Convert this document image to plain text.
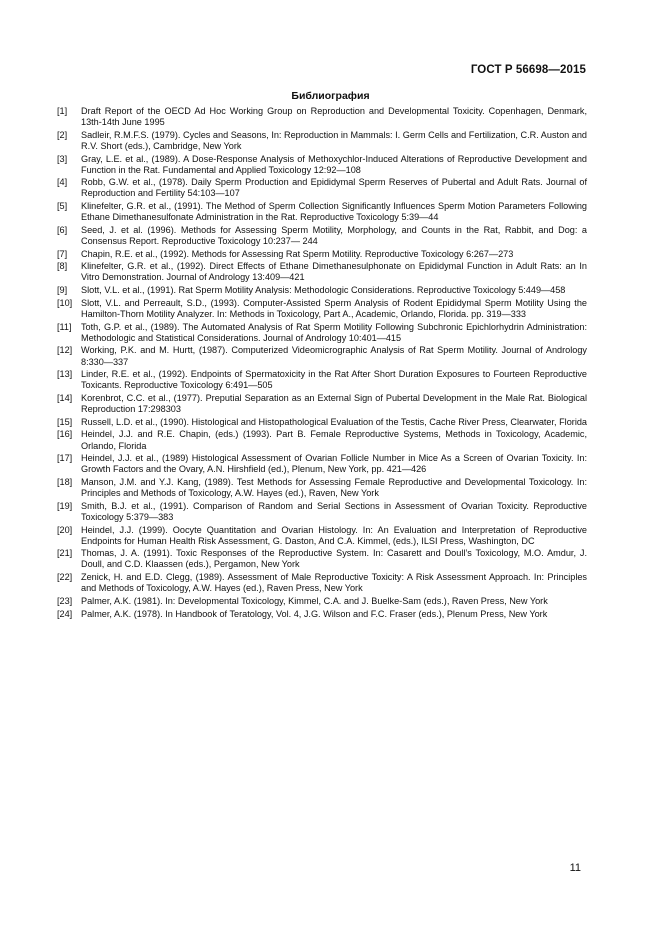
ГОСТ Р 56698—2015
Библиография
[1]	Draft Report of the OECD Ad Hoc Working Group on Reproduction and Developmental Toxicity. Copenhagen, Denmark, 13th-14th June 1995
[2]	Sadleir, R.M.F.S. (1979). Cycles and Seasons, In: Reproduction in Mammals: I. Germ Cells and Fertilization, C.R. Auston and R.V. Short (eds.), Cambridge, New York
[3]	Gray, L.E. et al., (1989). A Dose-Response Analysis of Methoxychlor-Induced Alterations of Reproductive Development and Function in the Rat. Fundamental and Applied Toxicology 12:92—108
[4]	Robb, G.W. et al., (1978). Daily Sperm Production and Epididymal Sperm Reserves of Pubertal and Adult Rats. Journal of Reproduction and Fertility 54:103—107
[5]	Klinefelter, G.R. et al., (1991). The Method of Sperm Collection Significantly Influences Sperm Motion Parameters Following Ethane Dimethanesulfonate Administration in the Rat. Reproductive Toxicology 5:39—44
[6]	Seed, J. et al. (1996). Methods for Assessing Sperm Motility, Morphology, and Counts in the Rat, Rabbit, and Dog: a Consensus Report. Reproductive Toxicology 10:237— 244
[7]	Chapin, R.E. et al., (1992). Methods for Assessing Rat Sperm Motility. Reproductive Toxicology 6:267—273
[8]	Klinefelter, G.R. et al., (1992). Direct Effects of Ethane Dimethanesulphonate on Epididymal Function in Adult Rats: an In Vitro Demonstration. Journal of Andrology 13:409—421
[9]	Slott, V.L. et al., (1991). Rat Sperm Motility Analysis: Methodologic Considerations. Reproductive Toxicology 5:449—458
[10] Slott, V.L. and Perreault, S.D., (1993). Computer-Assisted Sperm Analysis of Rodent Epididymal Sperm Motility Using the Hamilton-Thorn Motility Analyzer. In: Methods in Toxicology, Part A., Academic, Orlando, Florida. pp. 319—333
[11]	Toth, G.P. et al., (1989). The Automated Analysis of Rat Sperm Motility Following Subchronic Epichlorhydrin Administration: Methodologic and Statistical Considerations. Journal of Andrology 10:401—415
[12] Working, P.K. and M. Hurtt, (1987). Computerized Videomicrographic Analysis of Rat Sperm Motility. Journal of Andrology 8:330—337
[13] Linder, R.E. et al., (1992). Endpoints of Spermatoxicity in the Rat After Short Duration Exposures to Fourteen Reproductive Toxicants. Reproductive Toxicology 6:491—505
[14] Korenbrot, C.C. et al., (1977). Preputial Separation as an External Sign of Pubertal Development in the Male Rat. Biological Reproduction 17:298303
[15] Russell, L.D. et al., (1990). Histological and Histopathological Evaluation of the Testis, Cache River Press, Clearwater, Florida
[16] Heindel, J.J. and R.E. Chapin, (eds.) (1993). Part B. Female Reproductive Systems, Methods in Toxicology, Academic, Orlando, Florida
[17] Heindel, J.J. et al., (1989) Histological Assessment of Ovarian Follicle Number in Mice As a Screen of Ovarian Toxicity. In: Growth Factors and the Ovary, A.N. Hirshfield (ed.), Plenum, New York, pp. 421—426
[18] Manson, J.M. and Y.J. Kang, (1989). Test Methods for Assessing Female Reproductive and Developmental Toxicology. In: Principles and Methods of Toxicology, A.W. Hayes (ed.), Raven, New York
[19] Smith, B.J. et al., (1991). Comparison of Random and Serial Sections in Assessment of Ovarian Toxicity. Reproductive Toxicology 5:379—383
[20] Heindel, J.J. (1999). Oocyte Quantitation and Ovarian Histology. In: An Evaluation and Interpretation of Reproductive Endpoints for Human Health Risk Assessment, G. Daston, And C.A. Kimmel, (eds.), ILSI Press, Washington, DC
[21] Thomas, J. A. (1991). Toxic Responses of the Reproductive System. In: Casarett and Doull’s Toxicology, M.O. Amdur, J. Doull, and C.D. Klaassen (eds.), Pergamon, New York
[22] Zenick, H. and E.D. Clegg, (1989). Assessment of Male Reproductive Toxicity: A Risk Assessment Approach. In: Principles and Methods of Toxicology, A.W. Hayes (ed.), Raven Press, New York
[23] Palmer, A.K. (1981). In: Developmental Toxicology, Kimmel, C.A. and J. Buelke-Sam (eds.), Raven Press, New York
[24] Palmer, A.K. (1978). In Handbook of Teratology, Vol. 4, J.G. Wilson and F.C. Fraser (eds.), Plenum Press, New York
11
